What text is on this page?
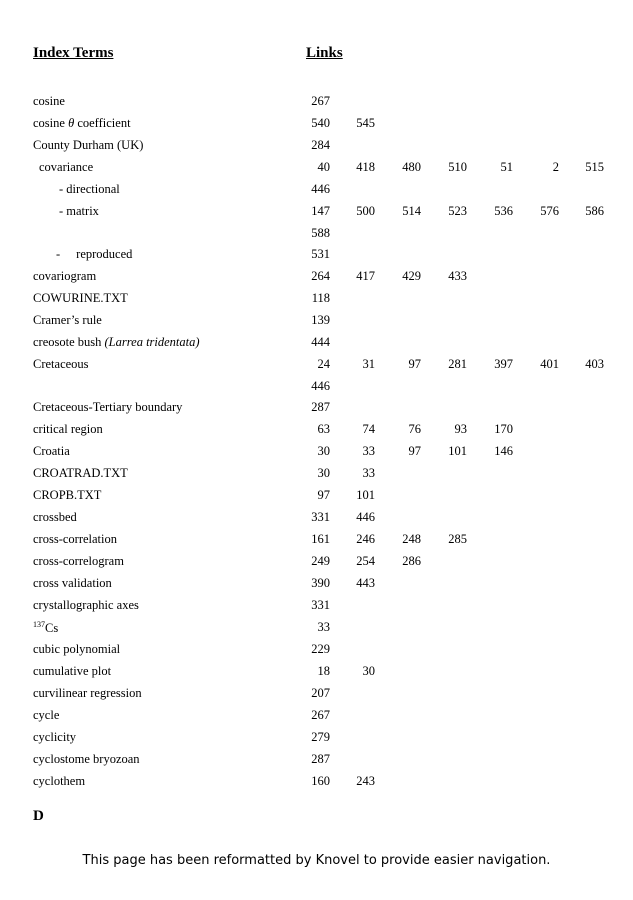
Index Terms	Links
cosine	267
cosine θ coefficient	540	545
County Durham (UK)	284
covariance	40	418	480	510	51	2	515
- directional	446
- matrix	147	500	514	523	536	576	586
588
- reproduced	531
covariogram	264	417	429	433
COWURINE.TXT	118
Cramer’s rule	139
creosote bush (Larrea tridentata)	444
Cretaceous	24	31	97	281	397	401	403
446
Cretaceous-Tertiary boundary	287
critical region	63	74	76	93	170
Croatia	30	33	97	101	146
CROATRAD.TXT	30	33
CROPB.TXT	97	101
crossbed	331	446
cross-correlation	161	246	248	285
cross-correlogram	249	254	286
cross validation	390	443
crystallographic axes	331
$^{137}$Cs	33
cubic polynomial	229
cumulative plot	18	30
curvilinear regression	207
cycle	267
cyclicity	279
cyclostome bryozoan	287
cyclothem	160	243
D
This page has been reformatted by Knovel to provide easier navigation.
